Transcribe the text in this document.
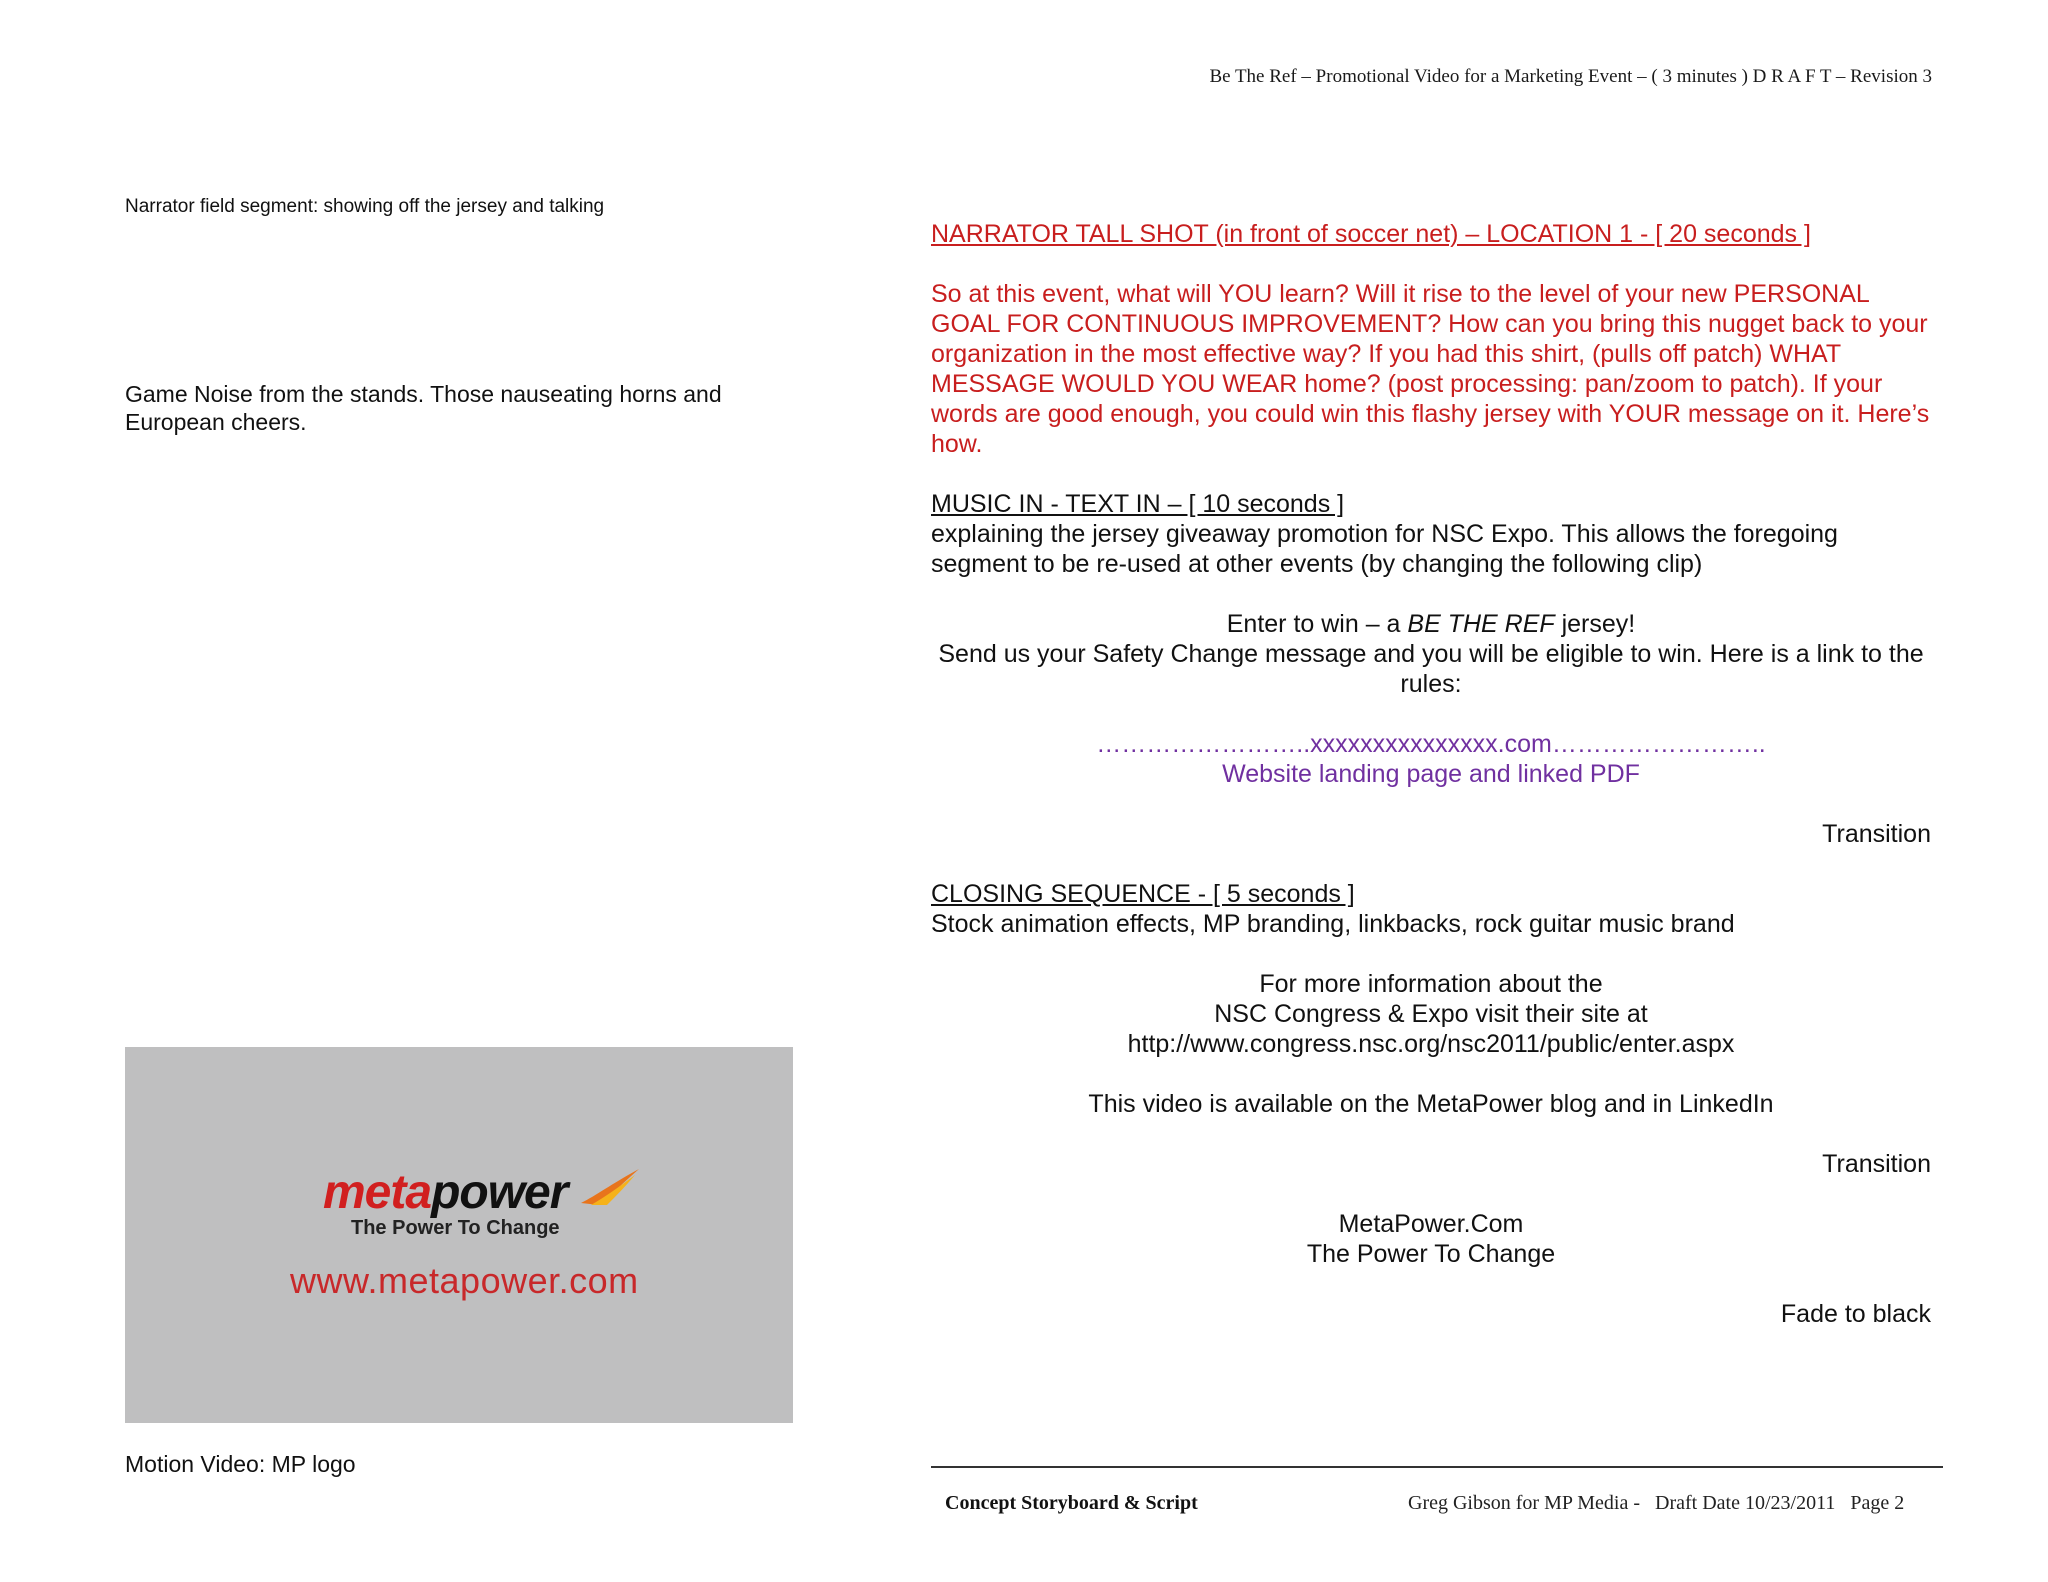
Be The Ref – Promotional Video for a Marketing Event – ( 3 minutes ) D R A F T – Revision 3
Narrator field segment: showing off the jersey and talking
Game Noise from the stands. Those nauseating horns and European cheers.
metapower
The Power To Change
www.metapower.com
Motion Video: MP logo

NARRATOR TALL SHOT (in front of soccer net) – LOCATION 1 - [ 20 seconds ]

So at this event, what will YOU learn? Will it rise to the level of your new PERSONAL GOAL FOR CONTINUOUS IMPROVEMENT? How can you bring this nugget back to your organization in the most effective way? If you had this shirt, (pulls off patch) WHAT MESSAGE WOULD YOU WEAR home? (post processing: pan/zoom to patch). If your words are good enough, you could win this flashy jersey with YOUR message on it. Here’s how.

MUSIC IN - TEXT IN – [ 10 seconds ]

explaining the jersey giveaway promotion for NSC Expo. This allows the foregoing segment to be re-used at other events (by changing the following clip)

Enter to win – a BE THE REF jersey!

Send us your Safety Change message and you will be eligible to win. Here is a link to the rules:

……………………..xxxxxxxxxxxxxxx.com……………………..

Website landing page and linked PDF

Transition

CLOSING SEQUENCE - [ 5 seconds ]

Stock animation effects, MP branding, linkbacks, rock guitar music brand

For more information about the

NSC Congress & Expo visit their site at

http://www.congress.nsc.org/nsc2011/public/enter.aspx

This video is available on the MetaPower blog and in LinkedIn

Transition

MetaPower.Com

The Power To Change

Fade to black

Concept Storyboard & Script	Greg Gibson for MP Media -   Draft Date 10/23/2011   Page 2
